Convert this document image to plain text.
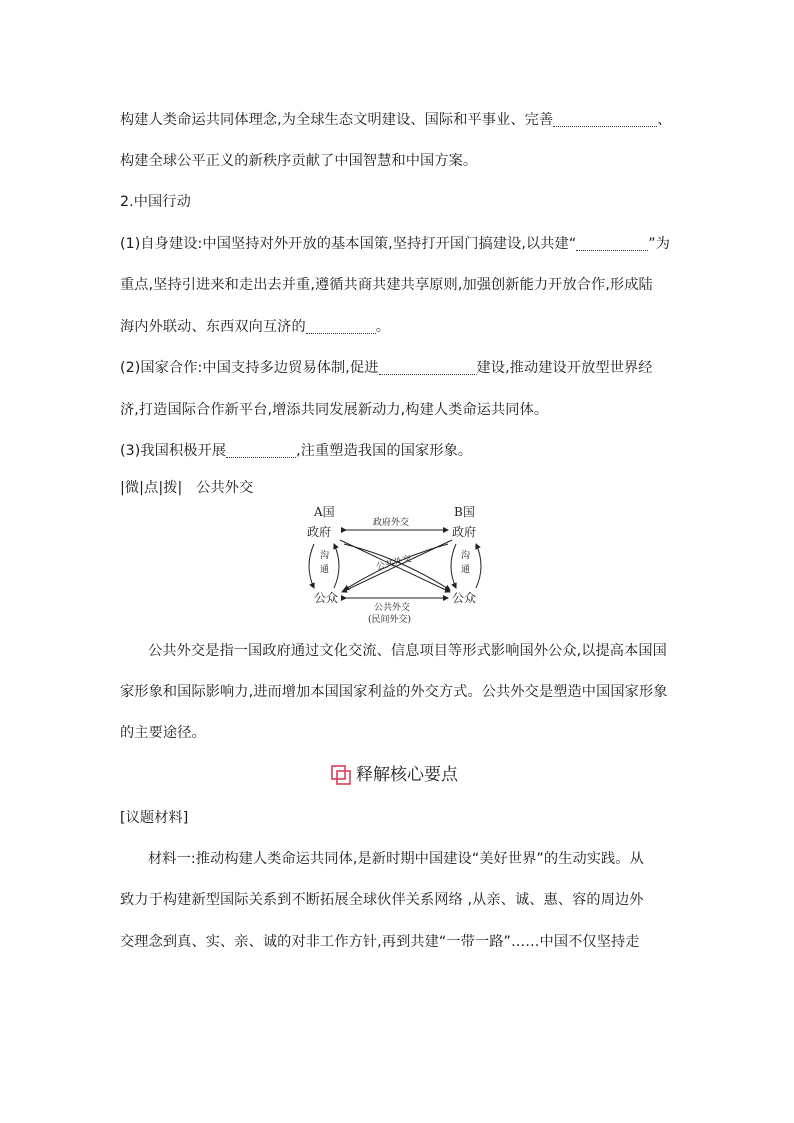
构建人类命运共同体理念,为全球生态文明建设、国际和平事业、完善	、
构建全球公平正义的新秩序贡献了中国智慧和中国方案。
2.中国行动
(1)自身建设:中国坚持对外开放的基本国策,坚持打开国门搞建设,以共建“	”为
重点,坚持引进来和走出去并重,遵循共商共建共享原则,加强创新能力开放合作,形成陆
海内外联动、东西双向互济的	。
(2)国家合作:中国支持多边贸易体制,促进	建设,推动建设开放型世界经
济,打造国际合作新平台,增添共同发展新动力,构建人类命运共同体。
(3)我国积极开展	,注重塑造我国的国家形象。
|微|点|拨| 公共外交
A国	B国
政府	政府
公众	公众
政府外交
公共外交
公共外交
(民间外交)
沟
通
沟
通
公共外交是指一国政府通过文化交流、信息项目等形式影响国外公众,以提高本国国
家形象和国际影响力,进而增加本国国家利益的外交方式。公共外交是塑造中国国家形象
的主要途径。
释解核心要点
[议题材料]
材料一:推动构建人类命运共同体,是新时期中国建设“美好世界”的生动实践。从
致力于构建新型国际关系到不断拓展全球伙伴关系网络 ,从亲、诚、惠、容的周边外
交理念到真、实、亲、诚的对非工作方针,再到共建“一带一路”……中国不仅坚持走
